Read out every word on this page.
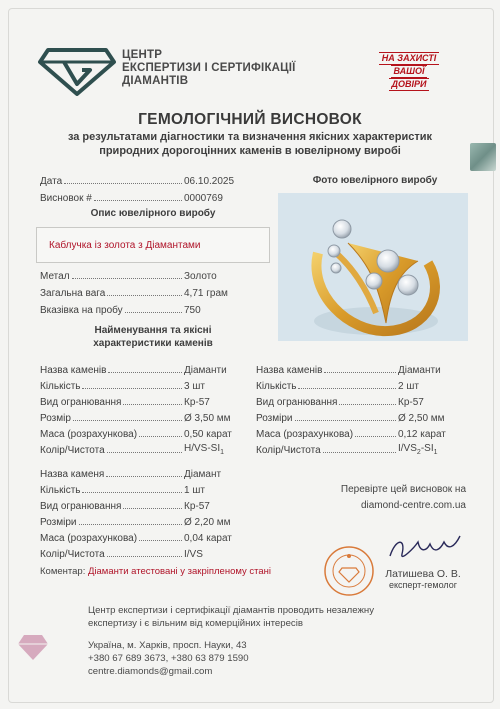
ЦЕНТР
ЕКСПЕРТИЗИ І СЕРТИФІКАЦІЇ
ДІАМАНТІВ
НА ЗАХИСТІ
ВАШОЇ
ДОВІРИ
ГЕМОЛОГІЧНИЙ ВИСНОВОК
за результатами діагностики та визначення якісних характеристик
природних дорогоцінних каменів в ювелірному виробі
Дата	06.10.2025
Висновок #	0000769
Опис ювелірного виробу
Каблучка із золота з Діамантами
Метал	Золото
Загальна вага	4,71 грам
Вказівка на пробу	750
Найменування та якісні
характеристики каменів
Фото ювелірного виробу
Назва каменів	Діаманти
Кількість	3 шт
Вид огранювання	Кр-57
Розмір	Ø 3,50 мм
Маса (розрахункова)	0,50 карат
Колір/Чистота	$H/VS-SI_1$
Назва каменів	Діаманти
Кількість	2 шт
Вид огранювання	Кр-57
Розміри	Ø 2,50 мм
Маса (розрахункова)	0,12 карат
Колір/Чистота	$I/VS_2-SI_1$
Назва каменя	Діамант
Кількість	1 шт
Вид огранювання	Кр-57
Розміри	Ø 2,20 мм
Маса (розрахункова)	0,04 карат
Колір/Чистота	I/VS
Перевірте цей висновок на
diamond-centre.com.ua
Коментар: Діаманти атестовані у закріпленому стані	Латишева О. В.
експерт-гемолог
Центр експертизи і сертифікації діамантів проводить незалежну
експертизу і є вільним від комерційних інтересів
Україна, м. Харків, просп. Науки, 43
+380 67 689 3673, +380 63 879 1590
centre.diamonds@gmail.com
